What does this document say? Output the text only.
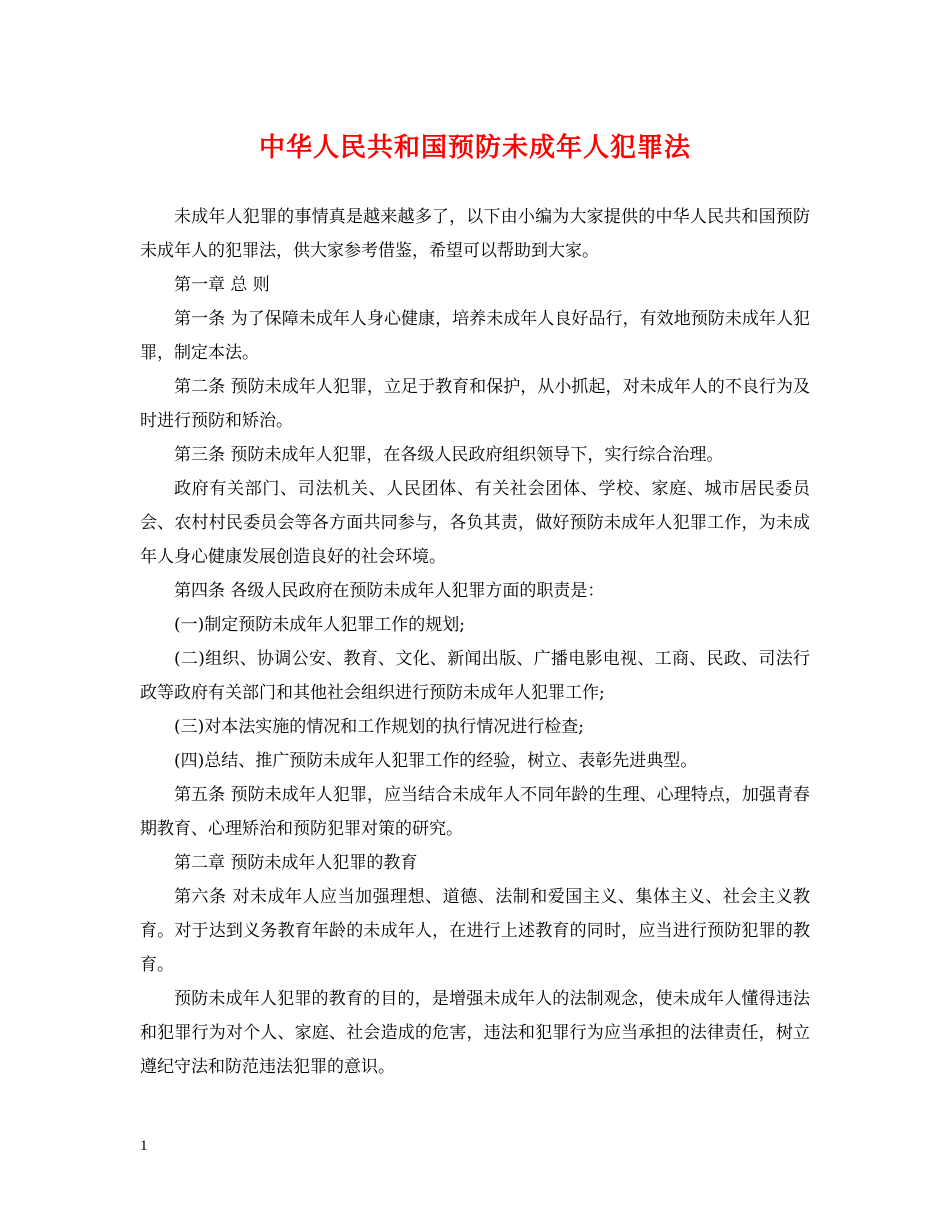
中华人民共和国预防未成年人犯罪法

未成年人犯罪的事情真是越来越多了，以下由小编为大家提供的中华人民共和国预防未成年人的犯罪法，供大家参考借鉴，希望可以帮助到大家。

第一章 总 则

第一条 为了保障未成年人身心健康，培养未成年人良好品行，有效地预防未成年人犯罪，制定本法。

第二条 预防未成年人犯罪，立足于教育和保护，从小抓起，对未成年人的不良行为及时进行预防和矫治。

第三条 预防未成年人犯罪，在各级人民政府组织领导下，实行综合治理。

政府有关部门、司法机关、人民团体、有关社会团体、学校、家庭、城市居民委员会、农村村民委员会等各方面共同参与，各负其责，做好预防未成年人犯罪工作，为未成年人身心健康发展创造良好的社会环境。

第四条 各级人民政府在预防未成年人犯罪方面的职责是：

(一)制定预防未成年人犯罪工作的规划;

(二)组织、协调公安、教育、文化、新闻出版、广播电影电视、工商、民政、司法行政等政府有关部门和其他社会组织进行预防未成年人犯罪工作;

(三)对本法实施的情况和工作规划的执行情况进行检查;

(四)总结、推广预防未成年人犯罪工作的经验，树立、表彰先进典型。

第五条 预防未成年人犯罪，应当结合未成年人不同年龄的生理、心理特点，加强青春期教育、心理矫治和预防犯罪对策的研究。

第二章 预防未成年人犯罪的教育

第六条 对未成年人应当加强理想、道德、法制和爱国主义、集体主义、社会主义教育。对于达到义务教育年龄的未成年人，在进行上述教育的同时，应当进行预防犯罪的教育。

预防未成年人犯罪的教育的目的，是增强未成年人的法制观念，使未成年人懂得违法和犯罪行为对个人、家庭、社会造成的危害，违法和犯罪行为应当承担的法律责任，树立遵纪守法和防范违法犯罪的意识。

1
